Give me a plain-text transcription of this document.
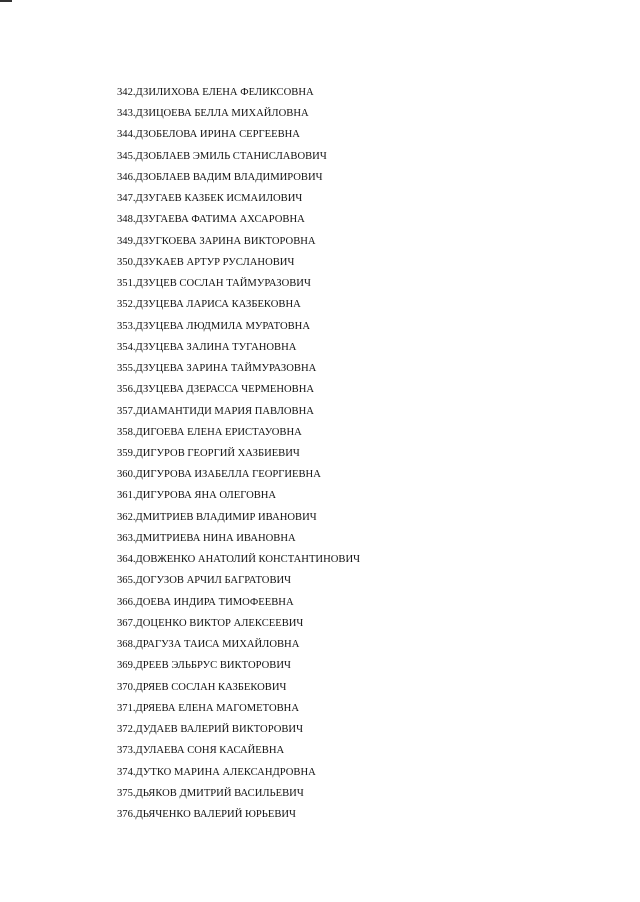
342.ДЗИЛИХОВА ЕЛЕНА ФЕЛИКСОВНА
343.ДЗИЦОЕВА БЕЛЛА МИХАЙЛОВНА
344.ДЗОБЕЛОВА ИРИНА СЕРГЕЕВНА
345.ДЗОБЛАЕВ ЭМИЛЬ СТАНИСЛАВОВИЧ
346.ДЗОБЛАЕВ ВАДИМ ВЛАДИМИРОВИЧ
347.ДЗУГАЕВ КАЗБЕК ИСМАИЛОВИЧ
348.ДЗУГАЕВА ФАТИМА АХСАРОВНА
349.ДЗУГКОЕВА ЗАРИНА ВИКТОРОВНА
350.ДЗУКАЕВ АРТУР РУСЛАНОВИЧ
351.ДЗУЦЕВ СОСЛАН ТАЙМУРАЗОВИЧ
352.ДЗУЦЕВА ЛАРИСА КАЗБЕКОВНА
353.ДЗУЦЕВА ЛЮДМИЛА МУРАТОВНА
354.ДЗУЦЕВА ЗАЛИНА ТУГАНОВНА
355.ДЗУЦЕВА ЗАРИНА ТАЙМУРАЗОВНА
356.ДЗУЦЕВА ДЗЕРАССА ЧЕРМЕНОВНА
357.ДИАМАНТИДИ МАРИЯ ПАВЛОВНА
358.ДИГОЕВА ЕЛЕНА ЕРИСТАУОВНА
359.ДИГУРОВ ГЕОРГИЙ ХАЗБИЕВИЧ
360.ДИГУРОВА ИЗАБЕЛЛА ГЕОРГИЕВНА
361.ДИГУРОВА ЯНА ОЛЕГОВНА
362.ДМИТРИЕВ ВЛАДИМИР ИВАНОВИЧ
363.ДМИТРИЕВА НИНА ИВАНОВНА
364.ДОВЖЕНКО АНАТОЛИЙ КОНСТАНТИНОВИЧ
365.ДОГУЗОВ АРЧИЛ БАГРАТОВИЧ
366.ДОЕВА ИНДИРА ТИМОФЕЕВНА
367.ДОЦЕНКО ВИКТОР АЛЕКСЕЕВИЧ
368.ДРАГУЗА ТАИСА МИХАЙЛОВНА
369.ДРЕЕВ ЭЛЬБРУС ВИКТОРОВИЧ
370.ДРЯЕВ СОСЛАН КАЗБЕКОВИЧ
371.ДРЯЕВА ЕЛЕНА МАГОМЕТОВНА
372.ДУДАЕВ ВАЛЕРИЙ ВИКТОРОВИЧ
373.ДУЛАЕВА СОНЯ КАСАЙЕВНА
374.ДУТКО МАРИНА АЛЕКСАНДРОВНА
375.ДЬЯКОВ ДМИТРИЙ ВАСИЛЬЕВИЧ
376.ДЬЯЧЕНКО ВАЛЕРИЙ ЮРЬЕВИЧ
